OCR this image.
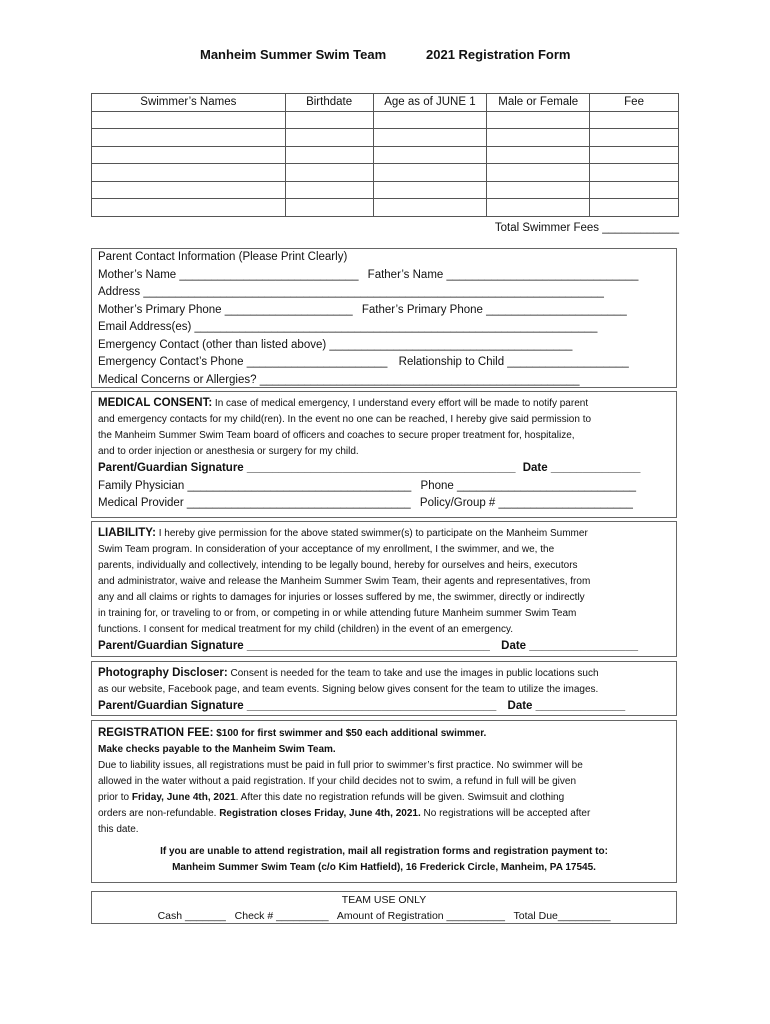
Manheim Summer Swim Team	2021 Registration Form
Swimmer’s Names	Birthdate	Age as of JUNE 1	Male or Female	Fee

Total Swimmer Fees ____________
Parent Contact Information (Please Print Clearly)
Mother’s Name ____________________________ Father’s Name ______________________________
Address ________________________________________________________________________
Mother’s Primary Phone ____________________ Father’s Primary Phone ______________________
Email Address(es) _______________________________________________________________
Emergency Contact (other than listed above) ______________________________________
Emergency Contact’s Phone ______________________ Relationship to Child ___________________
Medical Concerns or Allergies? __________________________________________________
MEDICAL CONSENT: In case of medical emergency, I understand every effort will be made to notify parent
and emergency contacts for my child(ren). In the event no one can be reached, I hereby give said permission to
the Manheim Summer Swim Team board of officers and coaches to secure proper treatment for, hospitalize,
and to order injection or anesthesia or surgery for my child.
Parent/Guardian Signature __________________________________________ Date ______________
Family Physician ___________________________________ Phone ____________________________
Medical Provider ___________________________________ Policy/Group # _____________________
LIABILITY: I hereby give permission for the above stated swimmer(s) to participate on the Manheim Summer
Swim Team program. In consideration of your acceptance of my enrollment, I the swimmer, and we, the
parents, individually and collectively, intending to be legally bound, hereby for ourselves and heirs, executors
and administrator, waive and release the Manheim Summer Swim Team, their agents and representatives, from
any and all claims or rights to damages for injuries or losses suffered by me, the swimmer, directly or indirectly
in training for, or traveling to or from, or competing in or while attending future Manheim summer Swim Team
functions. I consent for medical treatment for my child (children) in the event of an emergency.
Parent/Guardian Signature ______________________________________ Date _________________
Photography Discloser: Consent is needed for the team to take and use the images in public locations such
as our website, Facebook page, and team events. Signing below gives consent for the team to utilize the images.
Parent/Guardian Signature _______________________________________ Date ______________
REGISTRATION FEE: $100 for first swimmer and $50 each additional swimmer.
Make checks payable to the Manheim Swim Team.
Due to liability issues, all registrations must be paid in full prior to swimmer’s first practice. No swimmer will be
allowed in the water without a paid registration. If your child decides not to swim, a refund in full will be given
prior to Friday, June 4th, 2021. After this date no registration refunds will be given. Swimsuit and clothing
orders are non-refundable. Registration closes Friday, June 4th, 2021. No registrations will be accepted after
this date.
If you are unable to attend registration, mail all registration forms and registration payment to:
Manheim Summer Swim Team (c/o Kim Hatfield), 16 Frederick Circle, Manheim, PA 17545.
TEAM USE ONLY
Cash _______ Check # _________ Amount of Registration __________ Total Due_________
